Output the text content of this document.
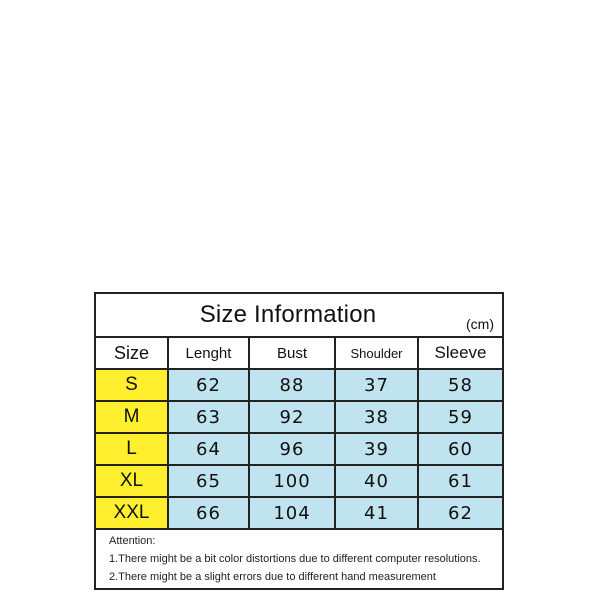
Size Information	(cm)
Size	Lenght	Bust	Shoulder	Sleeve
S	62	88	37	58
M	63	92	38	59
L	64	96	39	60
XL	65	100	40	61
XXL	66	104	41	62
Attention:
1.There might be a bit color distortions due to different computer resolutions.
2.There might be a slight errors due to different hand measurement
